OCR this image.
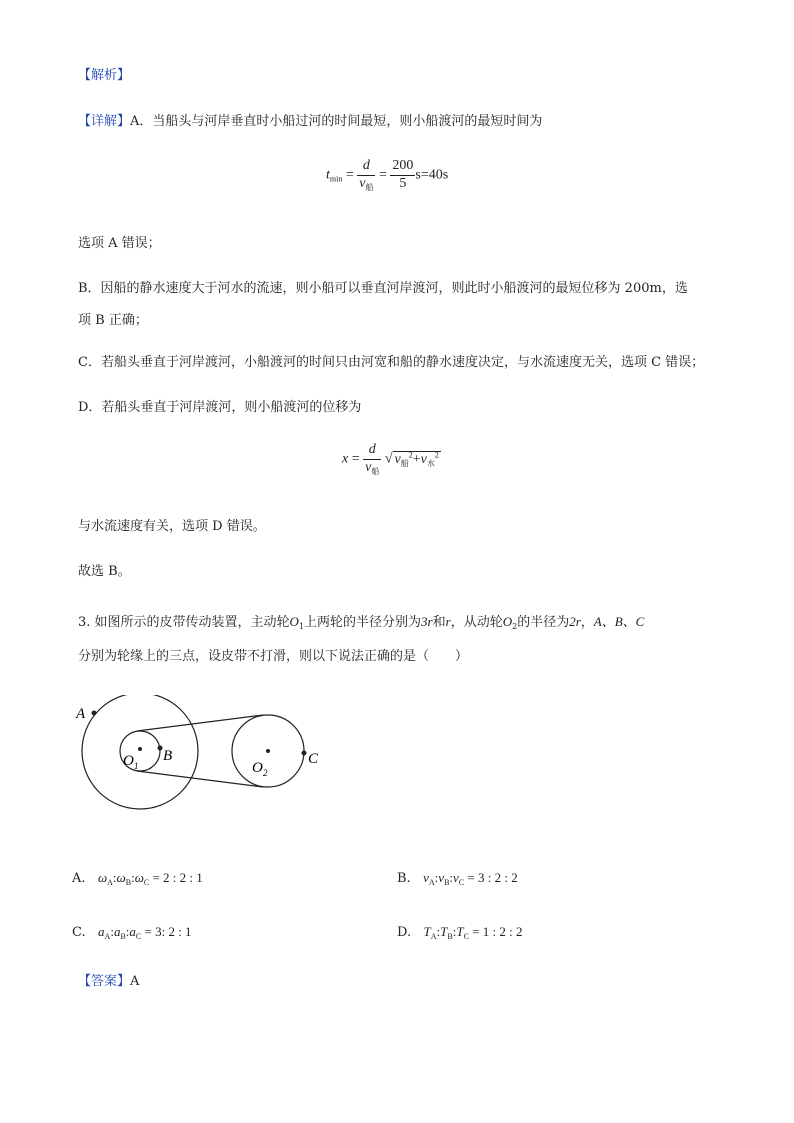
【解析】
【详解】A．当船头与河岸垂直时小船过河的时间最短，则小船渡河的最短时间为
$t_{min} = \frac{d}{v_船} = \frac{200}{5} s=40s$
选项 A 错误；
B．因船的静水速度大于河水的流速，则小船可以垂直河岸渡河，则此时小船渡河的最短位移为 200m，选
项 B 正确；
C．若船头垂直于河岸渡河，小船渡河的时间只由河宽和船的静水速度决定，与水流速度无关，选项 C 错误；
D．若船头垂直于河岸渡河，则小船渡河的位移为
$x = \frac{d}{v_船}$ √ $v_船^2+v_水^2$
与水流速度有关，选项 D 错误。
故选 B。
3. 如图所示的皮带传动装置，主动轮$O_1$上两轮的半径分别为3r和r，从动轮$O_2$的半径为2r，A、B、C
分别为轮缘上的三点，设皮带不打滑，则以下说法正确的是（　　）
A
B	C
O 1	O 2
A. $\omega_A:\omega_B:\omega_C = 2$ : 2 : 1	B. $v_A:v_B:v_C = 3$ : 2 : 2
C. $a_A:a_B:a_C = 3$: 2 : 1	D. $T_A:T_B:T_C = 1$ : 2 : 2
【答案】A
